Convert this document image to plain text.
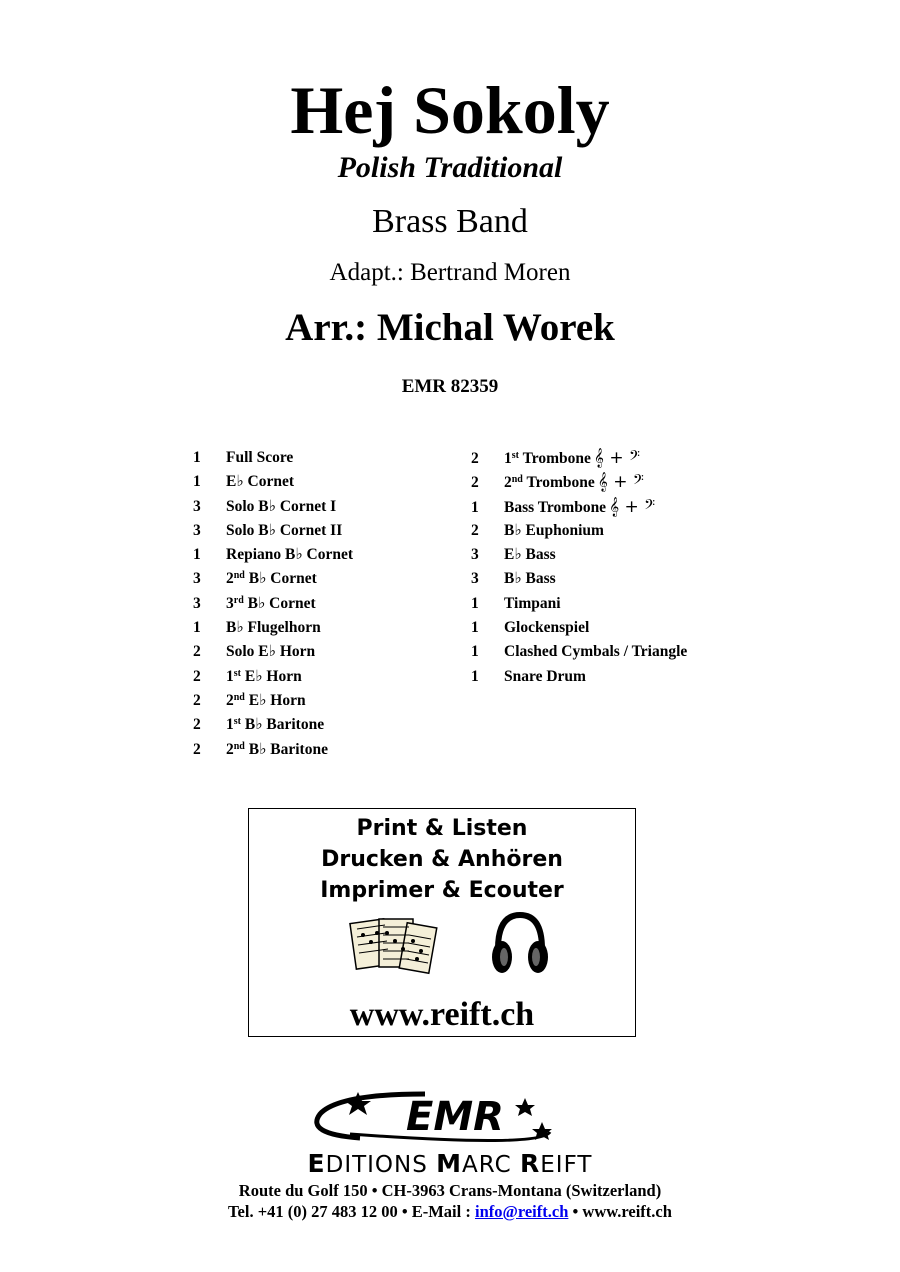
Hej Sokoly
Polish Traditional
Brass Band
Adapt.: Bertrand Moren
Arr.: Michal Worek
EMR 82359
1 Full Score
1 E♭ Cornet
3 Solo B♭ Cornet I
3 Solo B♭ Cornet II
1 Repiano B♭ Cornet
3 2nd B♭ Cornet
3 3rd B♭ Cornet
1 B♭ Flugelhorn
2 Solo E♭ Horn
2 1st E♭ Horn
2 2nd E♭ Horn
2 1st B♭ Baritone
2 2nd B♭ Baritone
2 1st Trombone 𝄞 + 𝄢
2 2nd Trombone 𝄞 + 𝄢
1 Bass Trombone 𝄞 + 𝄢
2 B♭ Euphonium
3 E♭ Bass
3 B♭ Bass
1 Timpani
1 Glockenspiel
1 Clashed Cymbals / Triangle
1 Snare Drum
Print & Listen
Drucken & Anhören
Imprimer & Ecouter
www.reift.ch
EMR
EDITIONS MARC REIFT
Route du Golf 150 • CH-3963 Crans-Montana (Switzerland)
Tel. +41 (0) 27 483 12 00 • E-Mail : info@reift.ch • www.reift.ch
